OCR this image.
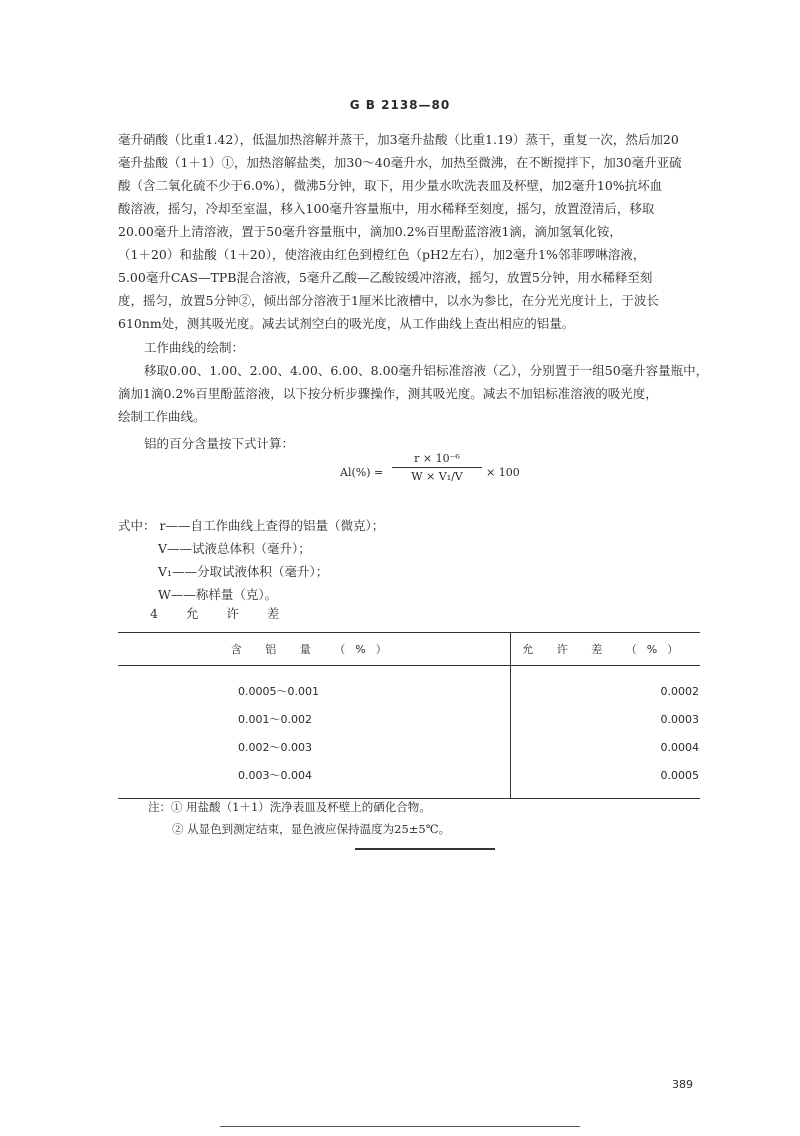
G B 2138—80
毫升硝酸（比重1.42），低温加热溶解并蒸干，加3毫升盐酸（比重1.19）蒸干，重复一次，然后加20
毫升盐酸（1＋1）①，加热溶解盐类，加30～40毫升水，加热至微沸，在不断搅拌下，加30毫升亚硫
酸（含二氧化硫不少于6.0%），微沸5分钟，取下，用少量水吹洗表皿及杯壁，加2毫升10%抗坏血
酸溶液，摇匀，冷却至室温，移入100毫升容量瓶中，用水稀释至刻度，摇匀，放置澄清后，移取
20.00毫升上清溶液，置于50毫升容量瓶中，滴加0.2%百里酚蓝溶液1滴，滴加氢氧化铵，
（1＋20）和盐酸（1＋20），使溶液由红色到橙红色（pH2左右），加2毫升1%邻菲啰啉溶液，
5.00毫升CAS—TPB混合溶液，5毫升乙酸—乙酸铵缓冲溶液，摇匀，放置5分钟，用水稀释至刻
度，摇匀，放置5分钟②，倾出部分溶液于1厘米比液槽中，以水为参比，在分光光度计上，于波长
610nm处，测其吸光度。减去试剂空白的吸光度，从工作曲线上查出相应的铝量。
工作曲线的绘制：
移取0.00、1.00、2.00、4.00、6.00、8.00毫升铝标准溶液（乙），分别置于一组50毫升容量瓶中，
滴加1滴0.2%百里酚蓝溶液，以下按分析步骤操作，测其吸光度。减去不加铝标准溶液的吸光度，
绘制工作曲线。
铝的百分含量按下式计算：
$Al(\%) = \frac{\text{r × 10⁻⁶}}{\text{W × V₁/V}} \times 100$
式中： r——自工作曲线上查得的铝量（微克）；
V——试液总体积（毫升）；
V₁——分取试液体积（毫升）；
W——称样量（克）。
4 允 许 差
含 铝 量 （%）	允 许 差 （%）
0.0005～0.001	0.0002
0.001～0.002	0.0003
0.002～0.003	0.0004
0.003～0.004	0.0005
注：① 用盐酸（1＋1）洗净表皿及杯壁上的硒化合物。
② 从显色到测定结束，显色液应保持温度为25±5℃。
389
